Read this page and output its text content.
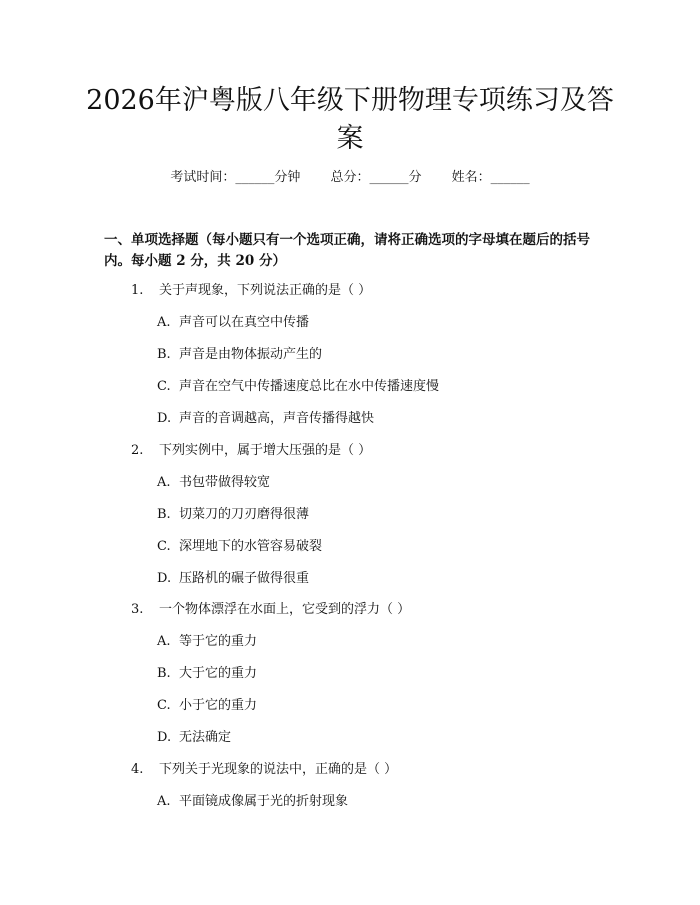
2026年沪粤版八年级下册物理专项练习及答案
考试时间：______分钟 总分：______分 姓名：______

一、单项选择题（每小题只有一个选项正确，请将正确选项的字母填在题后的括号内。每小题 2 分，共 20 分）

1. 关于声现象，下列说法正确的是（ ）
A. 声音可以在真空中传播
B. 声音是由物体振动产生的
C. 声音在空气中传播速度总比在水中传播速度慢
D. 声音的音调越高，声音传播得越快
2. 下列实例中，属于增大压强的是（ ）
A. 书包带做得较宽
B. 切菜刀的刀刃磨得很薄
C. 深埋地下的水管容易破裂
D. 压路机的碾子做得很重
3. 一个物体漂浮在水面上，它受到的浮力（ ）
A. 等于它的重力
B. 大于它的重力
C. 小于它的重力
D. 无法确定
4. 下列关于光现象的说法中，正确的是（ ）
A. 平面镜成像属于光的折射现象
